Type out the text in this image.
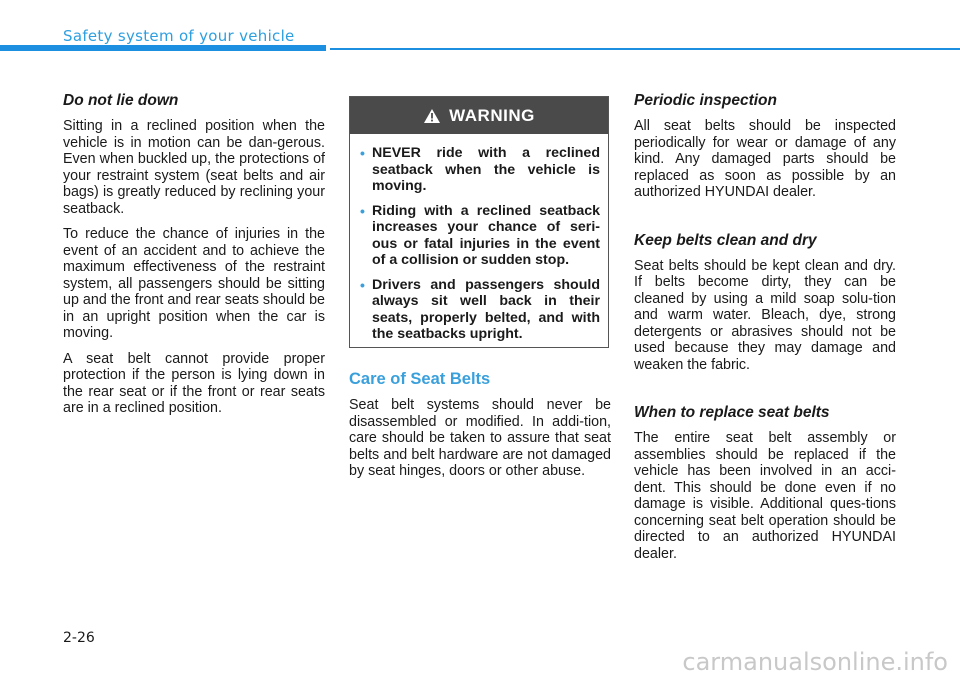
Safety system of your vehicle
Do not lie down

Sitting in a reclined position when the vehicle is in motion can be dan-gerous. Even when buckled up, the protections of your restraint system (seat belts and air bags) is greatly reduced by reclining your seatback.

To reduce the chance of injuries in the event of an accident and to achieve the maximum effectiveness of the restraint system, all passengers should be sitting up and the front and rear seats should be in an upright position when the car is moving.

A seat belt cannot provide proper protection if the person is lying down in the rear seat or if the front or rear seats are in a reclined position.

WARNING
• NEVER ride with a reclined seatback when the vehicle is moving.
• Riding with a reclined seatback increases your chance of seri-ous or fatal injuries in the event of a collision or sudden stop.
• Drivers and passengers should always sit well back in their seats, properly belted, and with the seatbacks upright.
Care of Seat Belts

Seat belt systems should never be disassembled or modified. In addi-tion, care should be taken to assure that seat belts and belt hardware are not damaged by seat hinges, doors or other abuse.

Periodic inspection

All seat belts should be inspected periodically for wear or damage of any kind. Any damaged parts should be replaced as soon as possible by an authorized HYUNDAI dealer.

Keep belts clean and dry

Seat belts should be kept clean and dry. If belts become dirty, they can be cleaned by using a mild soap solu-tion and warm water. Bleach, dye, strong detergents or abrasives should not be used because they may damage and weaken the fabric.

When to replace seat belts

The entire seat belt assembly or assemblies should be replaced if the vehicle has been involved in an acci-dent. This should be done even if no damage is visible. Additional ques-tions concerning seat belt operation should be directed to an authorized HYUNDAI dealer.

2-26
carmanualsonline.info
